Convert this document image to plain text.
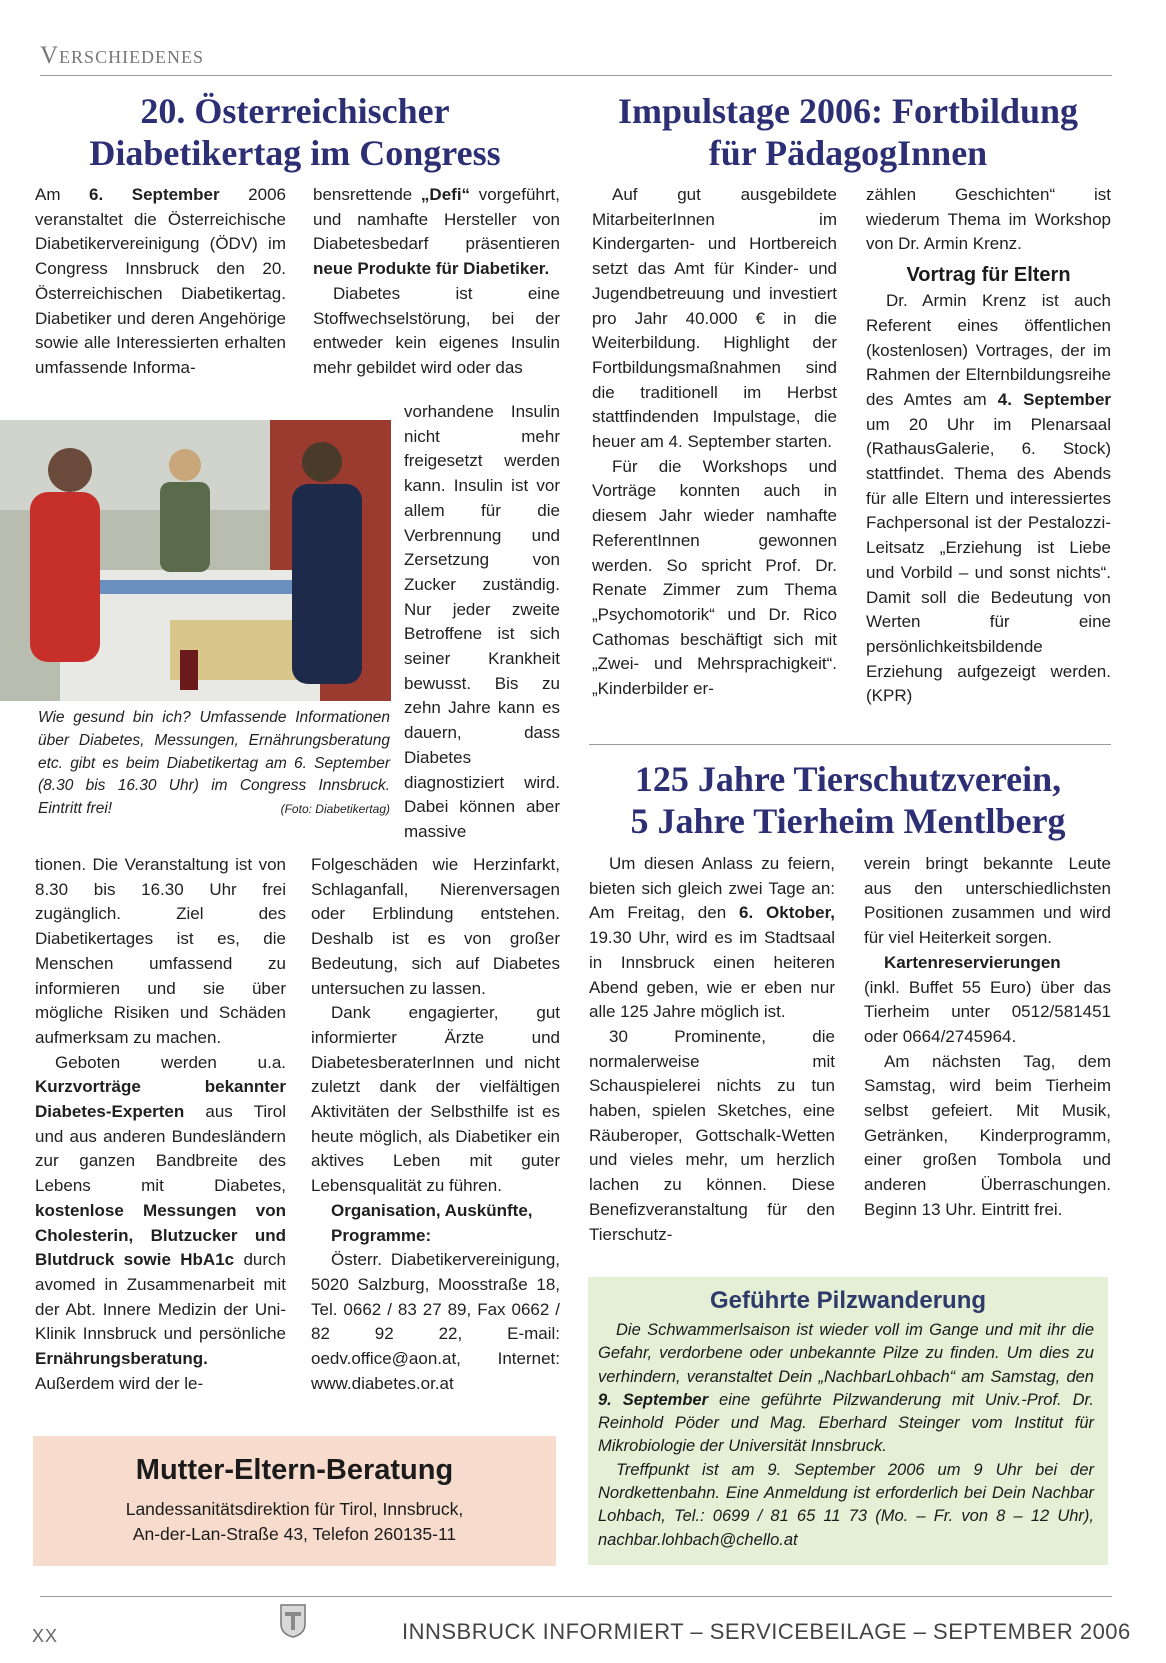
Verschiedenes
20. Österreichischer
Diabetikertag im Congress

Am 6. September 2006 veranstaltet die Österreichische Diabetikervereinigung (ÖDV) im Congress Innsbruck den 20. Österreichischen Diabetikertag. Diabetiker und deren Angehörige sowie alle Interessierten erhalten umfassende Informa-

bensrettende „Defi“ vorgeführt, und namhafte Hersteller von Diabetesbedarf präsentieren neue Produkte für Diabetiker.

Diabetes ist eine Stoffwechselstörung, bei der entweder kein eigenes Insulin mehr gebildet wird oder das

vorhandene Insulin nicht mehr freigesetzt werden kann. Insulin ist vor allem für die Verbrennung und Zersetzung von Zucker zuständig. Nur jeder zweite Betroffene ist sich seiner Krankheit bewusst. Bis zu zehn Jahre kann es dauern, dass Diabetes diagnostiziert wird. Dabei können aber massive

Wie gesund bin ich? Umfassende Informationen über Diabetes, Messungen, Ernährungsberatung etc. gibt es beim Diabetikertag am 6. September (8.30 bis 16.30 Uhr) im Congress Innsbruck. Eintritt frei!	(Foto: Diabetikertag)

tionen. Die Veranstaltung ist von 8.30 bis 16.30 Uhr frei zugänglich. Ziel des Diabetikertages ist es, die Menschen umfassend zu informieren und sie über mögliche Risiken und Schäden aufmerksam zu machen.

Geboten werden u.a. Kurzvorträge bekannter Diabetes-Experten aus Tirol und aus anderen Bundesländern zur ganzen Bandbreite des Lebens mit Diabetes, kostenlose Messungen von Cholesterin, Blutzucker und Blutdruck sowie HbA1c durch avomed in Zusammenarbeit mit der Abt. Innere Medizin der Uni-Klinik Innsbruck und persönliche Ernährungsberatung. Außerdem wird der le-

Folgeschäden wie Herzinfarkt, Schlaganfall, Nierenversagen oder Erblindung entstehen. Deshalb ist es von großer Bedeutung, sich auf Diabetes untersuchen zu lassen.

Dank engagierter, gut informierter Ärzte und DiabetesberaterInnen und nicht zuletzt dank der vielfältigen Aktivitäten der Selbsthilfe ist es heute möglich, als Diabetiker ein aktives Leben mit guter Lebensqualität zu führen.

Organisation, Auskünfte, Programme:

Österr. Diabetikervereinigung, 5020 Salzburg, Moosstraße 18, Tel. 0662 / 83 27 89, Fax 0662 / 82 92 22, E-mail: oedv.office@aon.at, Internet: www.diabetes.or.at

Impulstage 2006: Fortbildung
für PädagogInnen

Auf gut ausgebildete MitarbeiterInnen im Kindergarten- und Hortbereich setzt das Amt für Kinder- und Jugendbetreuung und investiert pro Jahr 40.000 € in die Weiterbildung. Highlight der Fortbildungsmaßnahmen sind die traditionell im Herbst stattfindenden Impulstage, die heuer am 4. September starten.

Für die Workshops und Vorträge konnten auch in diesem Jahr wieder namhafte ReferentInnen gewonnen werden. So spricht Prof. Dr. Renate Zimmer zum Thema „Psychomotorik“ und Dr. Rico Cathomas beschäftigt sich mit „Zwei- und Mehrsprachigkeit“. „Kinderbilder er-

zählen Geschichten“ ist wiederum Thema im Workshop von Dr. Armin Krenz.

Vortrag für Eltern

Dr. Armin Krenz ist auch Referent eines öffentlichen (kostenlosen) Vortrages, der im Rahmen der Elternbildungsreihe des Amtes am 4. September um 20 Uhr im Plenarsaal (RathausGalerie, 6. Stock) stattfindet. Thema des Abends für alle Eltern und interessiertes Fachpersonal ist der Pestalozzi-Leitsatz „Erziehung ist Liebe und Vorbild – und sonst nichts“. Damit soll die Bedeutung von Werten für eine persönlichkeitsbildende Erziehung aufgezeigt werden. (KPR)

125 Jahre Tierschutzverein,
5 Jahre Tierheim Mentlberg

Um diesen Anlass zu feiern, bieten sich gleich zwei Tage an: Am Freitag, den 6. Oktober, 19.30 Uhr, wird es im Stadtsaal in Innsbruck einen heiteren Abend geben, wie er eben nur alle 125 Jahre möglich ist.

30 Prominente, die normalerweise mit Schauspielerei nichts zu tun haben, spielen Sketches, eine Räuberoper, Gottschalk-Wetten und vieles mehr, um herzlich lachen zu können. Diese Benefizveranstaltung für den Tierschutz-

verein bringt bekannte Leute aus den unterschiedlichsten Positionen zusammen und wird für viel Heiterkeit sorgen.

Kartenreservierungen

(inkl. Buffet 55 Euro) über das Tierheim unter 0512/581451 oder 0664/2745964.

Am nächsten Tag, dem Samstag, wird beim Tierheim selbst gefeiert. Mit Musik, Getränken, Kinderprogramm, einer großen Tombola und anderen Überraschungen. Beginn 13 Uhr. Eintritt frei.

Mutter-Eltern-Beratung

Landessanitätsdirektion für Tirol, Innsbruck,

An-der-Lan-Straße 43, Telefon 260135-11

Geführte Pilzwanderung

Die Schwammerlsaison ist wieder voll im Gange und mit ihr die Gefahr, verdorbene oder unbekannte Pilze zu finden. Um dies zu verhindern, veranstaltet Dein „NachbarLohbach“ am Samstag, den 9. September eine geführte Pilzwanderung mit Univ.-Prof. Dr. Reinhold Pöder und Mag. Eberhard Steinger vom Institut für Mikrobiologie der Universität Innsbruck.

Treffpunkt ist am 9. September 2006 um 9 Uhr bei der Nordkettenbahn. Eine Anmeldung ist erforderlich bei Dein Nachbar Lohbach, Tel.: 0699 / 81 65 11 73 (Mo. – Fr. von 8 – 12 Uhr), nachbar.lohbach@chello.at

XX	INNSBRUCK INFORMIERT – SERVICEBEILAGE – SEPTEMBER 2006
